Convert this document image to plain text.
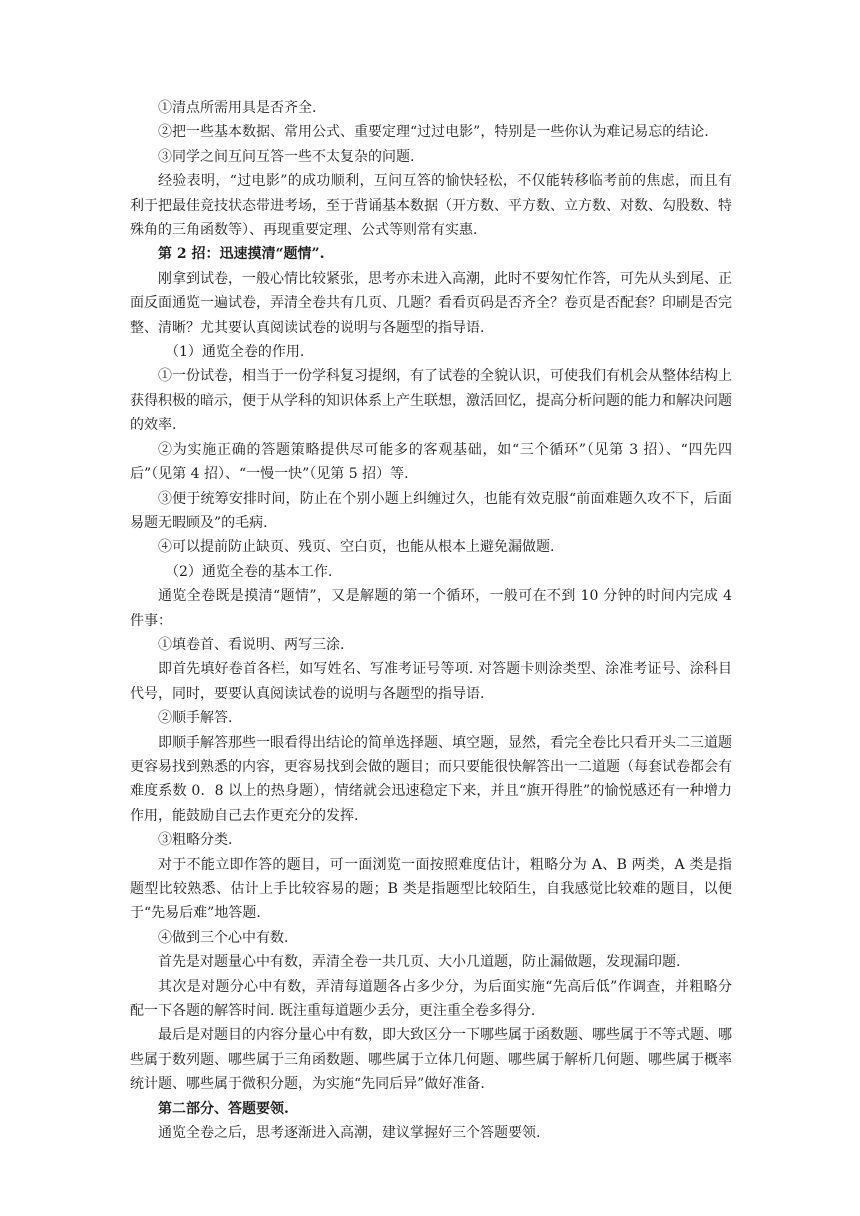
①清点所需用具是否齐全.

②把一些基本数据、常用公式、重要定理“过过电影”，特别是一些你认为难记易忘的结论.

③同学之间互问互答一些不太复杂的问题.

经验表明，“过电影”的成功顺利，互问互答的愉快轻松，不仅能转移临考前的焦虑，而且有利于把最佳竞技状态带进考场，至于背诵基本数据（开方数、平方数、立方数、对数、勾股数、特殊角的三角函数等）、再现重要定理、公式等则常有实惠.

第 2 招：迅速摸清“题情”.

刚拿到试卷，一般心情比较紧张，思考亦未进入高潮，此时不要匆忙作答，可先从头到尾、正面反面通览一遍试卷，弄清全卷共有几页、几题？看看页码是否齐全？卷页是否配套？印刷是否完整、清晰？尤其要认真阅读试卷的说明与各题型的指导语.

（1）通览全卷的作用.

①一份试卷，相当于一份学科复习提纲，有了试卷的全貌认识，可使我们有机会从整体结构上获得积极的暗示，便于从学科的知识体系上产生联想，激活回忆，提高分析问题的能力和解决问题的效率.

②为实施正确的答题策略提供尽可能多的客观基础，如“三个循环”（见第 3 招）、“四先四后”（见第 4 招）、“一慢一快”（见第 5 招）等.

③便于统筹安排时间，防止在个别小题上纠缠过久，也能有效克服“前面难题久攻不下，后面易题无暇顾及”的毛病.

④可以提前防止缺页、残页、空白页，也能从根本上避免漏做题.

（2）通览全卷的基本工作.

通览全卷既是摸清“题情”，又是解题的第一个循环，一般可在不到 10 分钟的时间内完成 4 件事：

①填卷首、看说明、两写三涂.

即首先填好卷首各栏，如写姓名、写准考证号等项. 对答题卡则涂类型、涂准考证号、涂科目代号，同时，要要认真阅读试卷的说明与各题型的指导语.

②顺手解答.

即顺手解答那些一眼看得出结论的简单选择题、填空题，显然，看完全卷比只看开头二三道题更容易找到熟悉的内容，更容易找到会做的题目；而只要能很快解答出一二道题（每套试卷都会有难度系数 0．8 以上的热身题），情绪就会迅速稳定下来，并且“旗开得胜”的愉悦感还有一种增力作用，能鼓励自己去作更充分的发挥.

③粗略分类.

对于不能立即作答的题目，可一面浏览一面按照难度估计，粗略分为 A、B 两类，A 类是指题型比较熟悉、估计上手比较容易的题；B 类是指题型比较陌生，自我感觉比较难的题目，以便于“先易后难”地答题.

④做到三个心中有数.

首先是对题量心中有数，弄清全卷一共几页、大小几道题，防止漏做题，发现漏印题.

其次是对题分心中有数，弄清每道题各占多少分，为后面实施“先高后低”作调查，并粗略分配一下各题的解答时间. 既注重每道题少丢分，更注重全卷多得分.

最后是对题目的内容分量心中有数，即大致区分一下哪些属于函数题、哪些属于不等式题、哪些属于数列题、哪些属于三角函数题、哪些属于立体几何题、哪些属于解析几何题、哪些属于概率统计题、哪些属于微积分题，为实施“先同后异”做好准备.

第二部分、答题要领.

通览全卷之后，思考逐渐进入高潮，建议掌握好三个答题要领.
